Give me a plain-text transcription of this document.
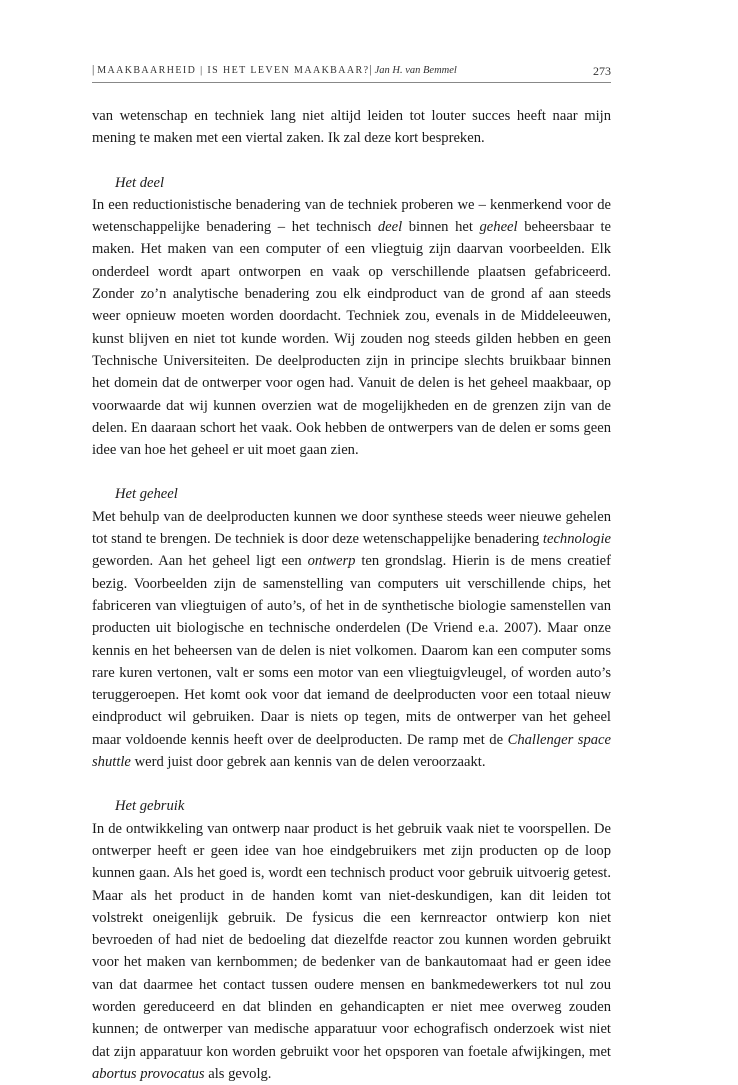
| MAAKBAARHEID | IS HET LEVEN MAAKBAAR?| Jan H. van Bemmel	273

van wetenschap en techniek lang niet altijd leiden tot louter succes heeft naar mijn mening te maken met een viertal zaken. Ik zal deze kort bespreken.

Het deel

In een reductionistische benadering van de techniek proberen we – kenmerkend voor de wetenschappelijke benadering – het technisch deel binnen het geheel beheersbaar te maken. Het maken van een computer of een vliegtuig zijn daarvan voorbeelden. Elk onderdeel wordt apart ontworpen en vaak op verschillende plaatsen gefabriceerd. Zonder zo’n analytische benadering zou elk eindproduct van de grond af aan steeds weer opnieuw moeten worden doordacht. Techniek zou, evenals in de Middeleeuwen, kunst blijven en niet tot kunde worden. Wij zouden nog steeds gilden hebben en geen Technische Universiteiten. De deelproducten zijn in principe slechts bruikbaar binnen het domein dat de ontwerper voor ogen had. Vanuit de delen is het geheel maakbaar, op voorwaarde dat wij kunnen overzien wat de mogelijkheden en de grenzen zijn van de delen. En daaraan schort het vaak. Ook hebben de ontwerpers van de delen er soms geen idee van hoe het geheel er uit moet gaan zien.

Het geheel

Met behulp van de deelproducten kunnen we door synthese steeds weer nieuwe gehelen tot stand te brengen. De techniek is door deze wetenschappelijke benadering technologie geworden. Aan het geheel ligt een ontwerp ten grondslag. Hierin is de mens creatief bezig. Voorbeelden zijn de samenstelling van computers uit verschillende chips, het fabriceren van vliegtuigen of auto’s, of het in de synthetische biologie samenstellen van producten uit biologische en technische onderdelen (De Vriend e.a. 2007). Maar onze kennis en het beheersen van de delen is niet volkomen. Daarom kan een computer soms rare kuren vertonen, valt er soms een motor van een vliegtuigvleugel, of worden auto’s teruggeroepen. Het komt ook voor dat iemand de deelproducten voor een totaal nieuw eindproduct wil gebruiken. Daar is niets op tegen, mits de ontwerper van het geheel maar voldoende kennis heeft over de deelproducten. De ramp met de Challenger space shuttle werd juist door gebrek aan kennis van de delen veroorzaakt.

Het gebruik

In de ontwikkeling van ontwerp naar product is het gebruik vaak niet te voorspellen. De ontwerper heeft er geen idee van hoe eindgebruikers met zijn producten op de loop kunnen gaan. Als het goed is, wordt een technisch product voor gebruik uitvoerig getest. Maar als het product in de handen komt van niet-deskundigen, kan dit leiden tot volstrekt oneigenlijk gebruik. De fysicus die een kernreactor ontwierp kon niet bevroeden of had niet de bedoeling dat diezelfde reactor zou kunnen worden gebruikt voor het maken van kernbommen; de bedenker van de bankautomaat had er geen idee van dat daarmee het contact tussen oudere mensen en bankmedewerkers tot nul zou worden gereduceerd en dat blinden en gehandicapten er niet mee overweg zouden kunnen; de ontwerper van medische apparatuur voor echografisch onderzoek wist niet dat zijn apparatuur kon worden gebruikt voor het opsporen van foetale afwijkingen, met abortus provocatus als gevolg.
